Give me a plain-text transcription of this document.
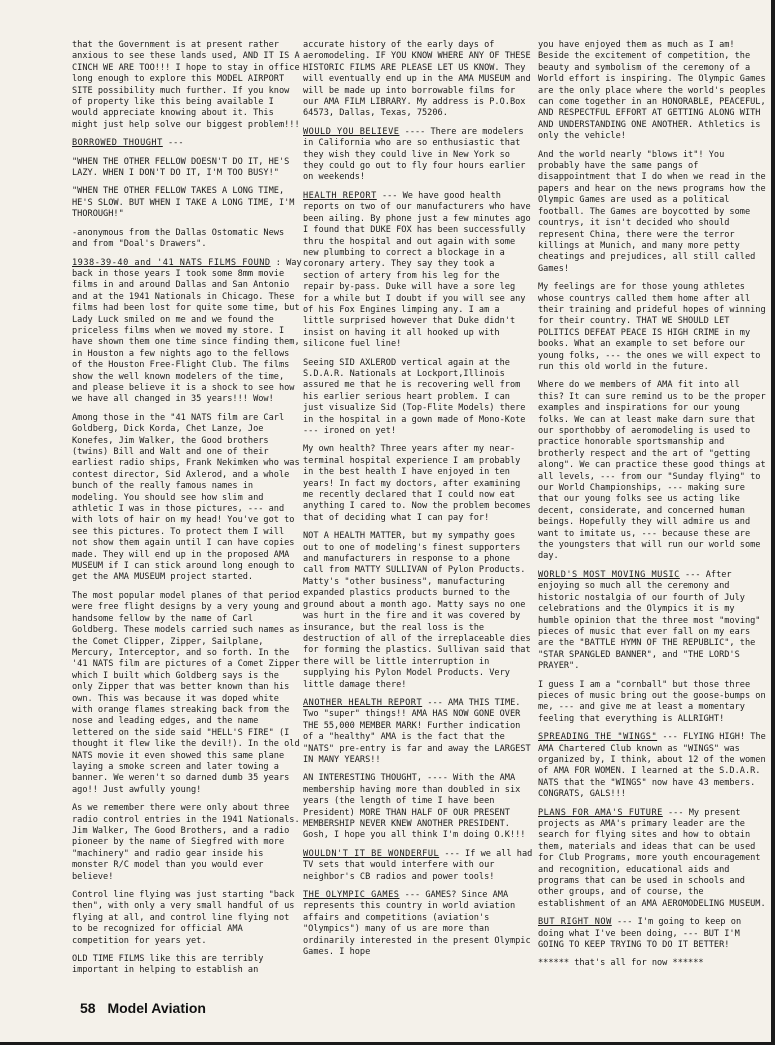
that the Government is at present rather anxious to see these lands used, AND IT IS A CINCH WE ARE TOO!!! I hope to stay in office long enough to explore this MODEL AIRPORT SITE possibility much further. If you know of property like this being available I would appreciate knowing about it. This might just help solve our biggest problem!!!
BORROWED THOUGHT ---
"WHEN THE OTHER FELLOW DOESN'T DO IT, HE'S LAZY. WHEN I DON'T DO IT, I'M TOO BUSY!"
"WHEN THE OTHER FELLOW TAKES A LONG TIME, HE'S SLOW. BUT WHEN I TAKE A LONG TIME, I'M THOROUGH!"
-anonymous from the Dallas Ostomatic News and from "Doal's Drawers".
1938-39-40 and '41 NATS FILMS FOUND : Way back in those years I took some 8mm movie films in and around Dallas and San Antonio and at the 1941 Nationals in Chicago. These films had been lost for quite some time, but Lady Luck smiled on me and we found the priceless films when we moved my store. I have shown them one time since finding them, in Houston a few nights ago to the fellows of the Houston Free-Flight Club. The films show the well known modelers of the time, and please believe it is a shock to see how we have all changed in 35 years!!! Wow!
Among those in the "41 NATS film are Carl Goldberg, Dick Korda, Chet Lanze, Joe Konefes, Jim Walker, the Good brothers (twins) Bill and Walt and one of their earliest radio ships, Frank Nekimken who was contest director, Sid Axlerod, and a whole bunch of the really famous names in modeling. You should see how slim and athletic I was in those pictures, --- and with lots of hair on my head! You've got to see this pictures. To protect them I will not show them again until I can have copies made. They will end up in the proposed AMA MUSEUM if I can stick around long enough to get the AMA MUSEUM project started.
The most popular model planes of that period were free flight designs by a very young and handsome fellow by the name of Carl Goldberg. These models carried such names as the Comet Clipper, Zipper, Sailplane, Mercury, Interceptor, and so forth. In the '41 NATS film are pictures of a Comet Zipper which I built which Goldberg says is the only Zipper that was better known than his own. This was because it was doped white with orange flames streaking back from the nose and leading edges, and the name lettered on the side said "HELL'S FIRE" (I thought it flew like the devil!). In the old NATS movie it even showed this same plane laying a smoke screen and later towing a banner. We weren't so darned dumb 35 years ago!! Just awfully young!
As we remember there were only about three radio control entries in the 1941 Nationals. Jim Walker, The Good Brothers, and a radio pioneer by the name of Siegfred with more "machinery" and radio gear inside his monster R/C model than you would ever believe!
Control line flying was just starting "back then", with only a very small handful of us flying at all, and control line flying not to be recognized for official AMA competition for years yet.
OLD TIME FILMS like this are terribly important in helping to establish an
accurate history of the early days of aeromodeling. IF YOU KNOW WHERE ANY OF THESE HISTORIC FILMS ARE PLEASE LET US KNOW. They will eventually end up in the AMA MUSEUM and will be made up into borrowable films for our AMA FILM LIBRARY. My address is P.O.Box 64573, Dallas, Texas, 75206.
WOULD YOU BELIEVE ---- There are modelers in California who are so enthusiastic that they wish they could live in New York so they could go out to fly four hours earlier on weekends!
HEALTH REPORT --- We have good health reports on two of our manufacturers who have been ailing. By phone just a few minutes ago I found that DUKE FOX has been successfully thru the hospital and out again with some new plumbing to correct a blockage in a coronary artery. They say they took a section of artery from his leg for the repair by-pass. Duke will have a sore leg for a while but I doubt if you will see any of his Fox Engines limping any. I am a little surprised however that Duke didn't insist on having it all hooked up with silicone fuel line!
Seeing SID AXLEROD vertical again at the S.D.A.R. Nationals at Lockport,Illinois assured me that he is recovering well from his earlier serious heart problem. I can just visualize Sid (Top-Flite Models) there in the hospital in a gown made of Mono-Kote --- ironed on yet!
My own health? Three years after my near-terminal hospital experience I am probably in the best health I have enjoyed in ten years! In fact my doctors, after examining me recently declared that I could now eat anything I cared to. Now the problem becomes that of deciding what I can pay for!
NOT A HEALTH MATTER, but my sympathy goes out to one of modeling's finest supporters and manufacturers in response to a phone call from MATTY SULLIVAN of Pylon Products. Matty's "other business", manufacturing expanded plastics products burned to the ground about a month ago. Matty says no one was hurt in the fire and it was covered by insurance, but the real loss is the destruction of all of the irreplaceable dies for forming the plastics. Sullivan said that there will be little interruption in supplying his Pylon Model Products. Very little damage there!
ANOTHER HEALTH REPORT --- AMA THIS TIME. Two "super" things!! AMA HAS NOW GONE OVER THE 55,000 MEMBER MARK! Further indication of a "healthy" AMA is the fact that the "NATS" pre-entry is far and away the LARGEST IN MANY YEARS!!
AN INTERESTING THOUGHT, ---- With the AMA membership having more than doubled in six years (the length of time I have been President) MORE THAN HALF OF OUR PRESENT MEMBERSHIP NEVER KNEW ANOTHER PRESIDENT. Gosh, I hope you all think I'm doing O.K!!!
WOULDN'T IT BE WONDERFUL --- If we all had TV sets that would interfere with our neighbor's CB radios and power tools!
THE OLYMPIC GAMES --- GAMES? Since AMA represents this country in world aviation affairs and competitions (aviation's "Olympics") many of us are more than ordinarily interested in the present Olympic Games. I hope
you have enjoyed them as much as I am! Beside the excitement of competition, the beauty and symbolism of the ceremony of a World effort is inspiring. The Olympic Games are the only place where the world's peoples can come together in an HONORABLE, PEACEFUL, AND RESPECTFUL EFFORT AT GETTING ALONG WITH AND UNDERSTANDING ONE ANOTHER. Athletics is only the vehicle!
And the world nearly "blows it"! You probably have the same pangs of disappointment that I do when we read in the papers and hear on the news programs how the Olympic Games are used as a political football. The Games are boycotted by some countrys, it isn't decided who should represent China, there were the terror killings at Munich, and many more petty cheatings and prejudices, all still called Games!
My feelings are for those young athletes whose countrys called them home after all their training and prideful hopes of winning for their country. THAT WE SHOULD LET POLITICS DEFEAT PEACE IS HIGH CRIME in my books. What an example to set before our young folks, --- the ones we will expect to run this old world in the future.
Where do we members of AMA fit into all this? It can sure remind us to be the proper examples and inspirations for our young folks. We can at least make darn sure that our sporthobby of aeromodeling is used to practice honorable sportsmanship and brotherly respect and the art of "getting along". We can practice these good things at all levels, --- from our "Sunday flying" to our World Championships, --- making sure that our young folks see us acting like decent, considerate, and concerned human beings. Hopefully they will admire us and want to imitate us, --- because these are the youngsters that will run our world some day.
WORLD'S MOST MOVING MUSIC --- After enjoying so much all the ceremony and historic nostalgia of our fourth of July celebrations and the Olympics it is my humble opinion that the three most "moving" pieces of music that ever fall on my ears are the "BATTLE HYMN OF THE REPUBLIC", the "STAR SPANGLED BANNER", and "THE LORD'S PRAYER".
I guess I am a "cornball" but those three pieces of music bring out the goose-bumps on me, --- and give me at least a momentary feeling that everything is ALLRIGHT!
SPREADING THE "WINGS" --- FLYING HIGH! The AMA Chartered Club known as "WINGS" was organized by, I think, about 12 of the women of AMA FOR WOMEN. I learned at the S.D.A.R. NATS that the "WINGS" now have 43 members. CONGRATS, GALS!!!
PLANS FOR AMA'S FUTURE --- My present projects as AMA's primary leader are the search for flying sites and how to obtain them, materials and ideas that can be used for Club Programs, more youth encouragement and recognition, educational aids and programs that can be used in schools and other groups, and of course, the establishment of an AMA AEROMODELING MUSEUM.
BUT RIGHT NOW --- I'm going to keep on doing what I've been doing, --- BUT I'M GOING TO KEEP TRYING TO DO IT BETTER!
****** that's all for now ******
58 Model Aviation
